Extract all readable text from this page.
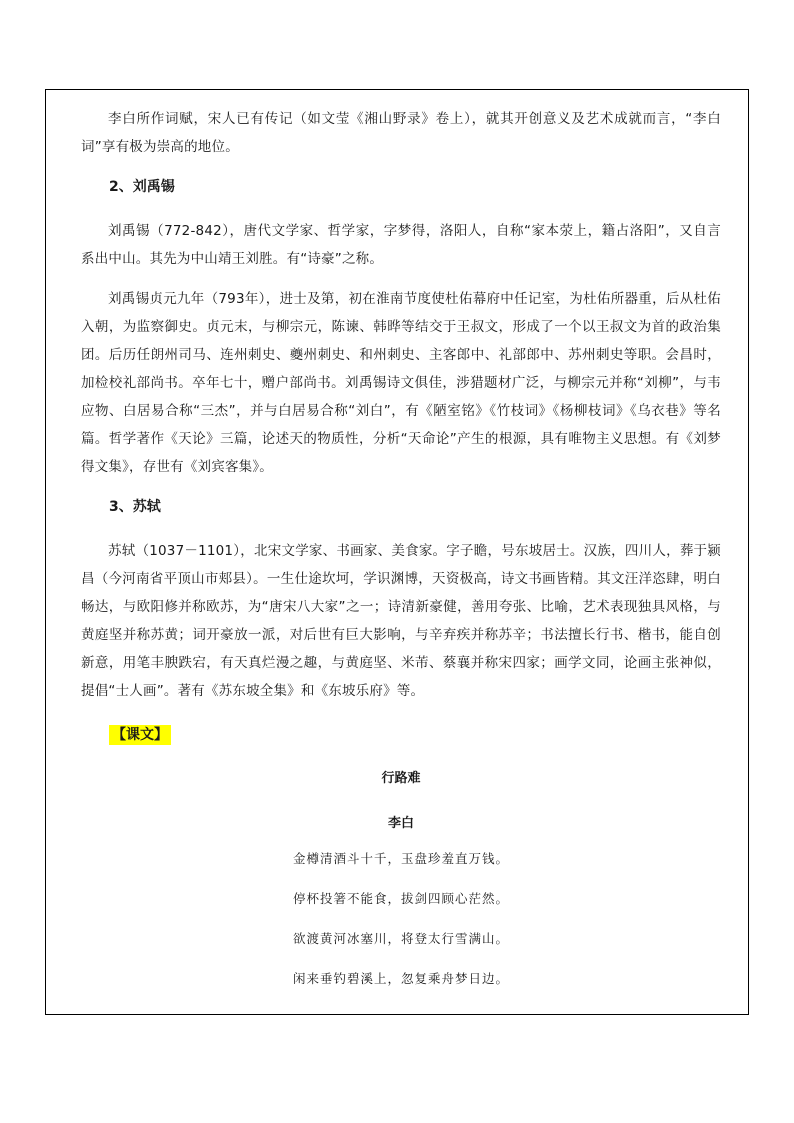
李白所作词赋，宋人已有传记（如文莹《湘山野录》卷上），就其开创意义及艺术成就而言，“李白词”享有极为崇高的地位。

2、刘禹锡

刘禹锡（772-842），唐代文学家、哲学家，字梦得，洛阳人，自称“家本荥上，籍占洛阳”，又自言系出中山。其先为中山靖王刘胜。有“诗豪”之称。

刘禹锡贞元九年（793年），进士及第，初在淮南节度使杜佑幕府中任记室，为杜佑所器重，后从杜佑入朝，为监察御史。贞元末，与柳宗元，陈谏、韩晔等结交于王叔文，形成了一个以王叔文为首的政治集团。后历任朗州司马、连州刺史、夔州刺史、和州刺史、主客郎中、礼部郎中、苏州刺史等职。会昌时，加检校礼部尚书。卒年七十，赠户部尚书。刘禹锡诗文俱佳，涉猎题材广泛，与柳宗元并称“刘柳”，与韦应物、白居易合称“三杰”，并与白居易合称“刘白”，有《陋室铭》《竹枝词》《杨柳枝词》《乌衣巷》等名篇。哲学著作《天论》三篇，论述天的物质性，分析“天命论”产生的根源，具有唯物主义思想。有《刘梦得文集》，存世有《刘宾客集》。

3、苏轼

苏轼（1037－1101），北宋文学家、书画家、美食家。字子瞻，号东坡居士。汉族，四川人，葬于颍昌（今河南省平顶山市郏县）。一生仕途坎坷，学识渊博，天资极高，诗文书画皆精。其文汪洋恣肆，明白畅达，与欧阳修并称欧苏，为“唐宋八大家”之一；诗清新豪健，善用夸张、比喻，艺术表现独具风格，与黄庭坚并称苏黄；词开豪放一派，对后世有巨大影响，与辛弃疾并称苏辛；书法擅长行书、楷书，能自创新意，用笔丰腴跌宕，有天真烂漫之趣，与黄庭坚、米芾、蔡襄并称宋四家；画学文同，论画主张神似，提倡“士人画”。著有《苏东坡全集》和《东坡乐府》等。

【课文】
行路难
李白
金樽清酒斗十千，玉盘珍羞直万钱。
停杯投箸不能食，拔剑四顾心茫然。
欲渡黄河冰塞川，将登太行雪满山。
闲来垂钓碧溪上，忽复乘舟梦日边。
